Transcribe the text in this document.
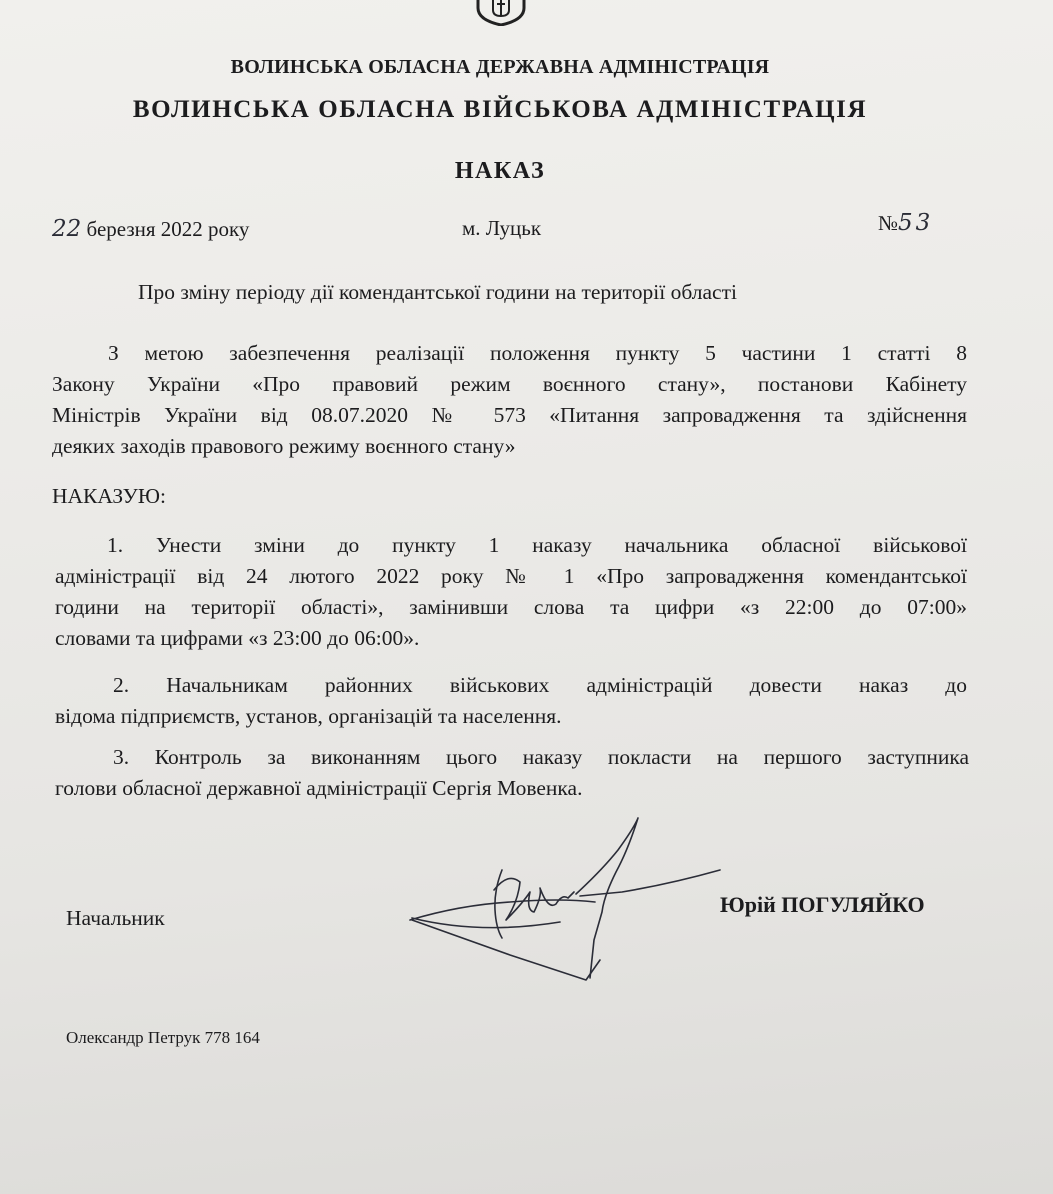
ВОЛИНСЬКА ОБЛАСНА ДЕРЖАВНА АДМІНІСТРАЦІЯ
ВОЛИНСЬКА ОБЛАСНА ВІЙСЬКОВА АДМІНІСТРАЦІЯ
НАКАЗ
22 березня 2022 року	м. Луцьк	№53
Про зміну періоду дії комендантської години на території області
З метою забезпечення реалізації положення пункту 5 частини 1 статті 8
Закону України «Про правовий режим воєнного стану», постанови Кабінету
Міністрів України від 08.07.2020 № 573 «Питання запровадження та здійснення
деяких заходів правового режиму воєнного стану»
НАКАЗУЮ:
1. Унести зміни до пункту 1 наказу начальника обласної військової
адміністрації від 24 лютого 2022 року № 1 «Про запровадження комендантської
години на території області», замінивши слова та цифри «з 22:00 до 07:00»
словами та цифрами «з 23:00 до 06:00».
2. Начальникам районних військових адміністрацій довести наказ до
відома підприємств, установ, організацій та населення.
3. Контроль за виконанням цього наказу покласти на першого заступника
голови обласної державної адміністрації Сергія Мовенка.
Начальник
Юрій ПОГУЛЯЙКО
Олександр Петрук 778 164
